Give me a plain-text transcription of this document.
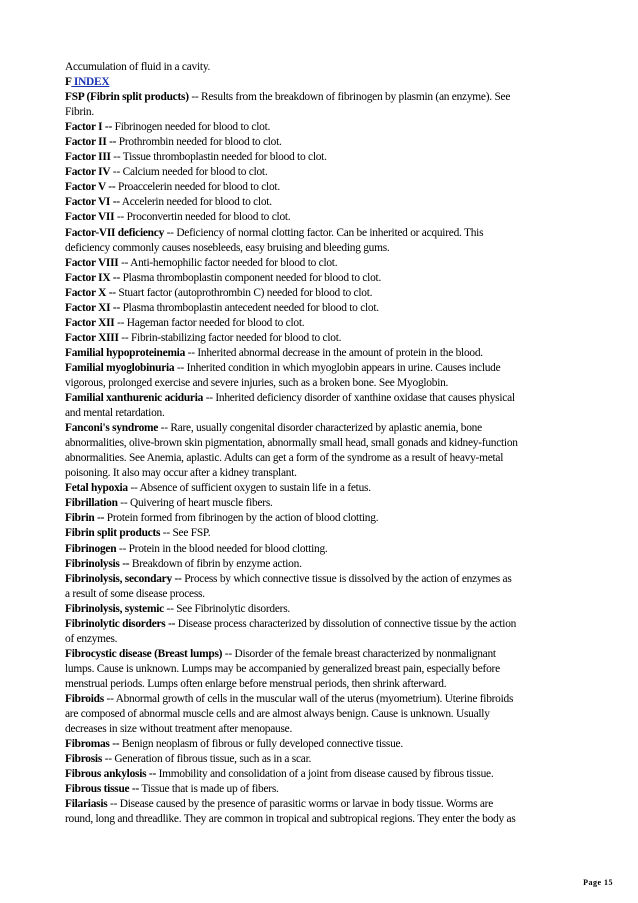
Accumulation of fluid in a cavity.
F INDEX
FSP (Fibrin split products) -- Results from the breakdown of fibrinogen by plasmin (an enzyme). See
Fibrin.
Factor I -- Fibrinogen needed for blood to clot.
Factor II -- Prothrombin needed for blood to clot.
Factor III -- Tissue thromboplastin needed for blood to clot.
Factor IV -- Calcium needed for blood to clot.
Factor V -- Proaccelerin needed for blood to clot.
Factor VI -- Accelerin needed for blood to clot.
Factor VII -- Proconvertin needed for blood to clot.
Factor-VII deficiency -- Deficiency of normal clotting factor. Can be inherited or acquired. This
deficiency commonly causes nosebleeds, easy bruising and bleeding gums.
Factor VIII -- Anti-hemophilic factor needed for blood to clot.
Factor IX -- Plasma thromboplastin component needed for blood to clot.
Factor X -- Stuart factor (autoprothrombin C) needed for blood to clot.
Factor XI -- Plasma thromboplastin antecedent needed for blood to clot.
Factor XII -- Hageman factor needed for blood to clot.
Factor XIII -- Fibrin-stabilizing factor needed for blood to clot.
Familial hypoproteinemia -- Inherited abnormal decrease in the amount of protein in the blood.
Familial myoglobinuria -- Inherited condition in which myoglobin appears in urine. Causes include
vigorous, prolonged exercise and severe injuries, such as a broken bone. See Myoglobin.
Familial xanthurenic aciduria -- Inherited deficiency disorder of xanthine oxidase that causes physical
and mental retardation.
Fanconi's syndrome -- Rare, usually congenital disorder characterized by aplastic anemia, bone
abnormalities, olive-brown skin pigmentation, abnormally small head, small gonads and kidney-function
abnormalities. See Anemia, aplastic. Adults can get a form of the syndrome as a result of heavy-metal
poisoning. It also may occur after a kidney transplant.
Fetal hypoxia -- Absence of sufficient oxygen to sustain life in a fetus.
Fibrillation -- Quivering of heart muscle fibers.
Fibrin -- Protein formed from fibrinogen by the action of blood clotting.
Fibrin split products -- See FSP.
Fibrinogen -- Protein in the blood needed for blood clotting.
Fibrinolysis -- Breakdown of fibrin by enzyme action.
Fibrinolysis, secondary -- Process by which connective tissue is dissolved by the action of enzymes as
a result of some disease process.
Fibrinolysis, systemic -- See Fibrinolytic disorders.
Fibrinolytic disorders -- Disease process characterized by dissolution of connective tissue by the action
of enzymes.
Fibrocystic disease (Breast lumps) -- Disorder of the female breast characterized by nonmalignant
lumps. Cause is unknown. Lumps may be accompanied by generalized breast pain, especially before
menstrual periods. Lumps often enlarge before menstrual periods, then shrink afterward.
Fibroids -- Abnormal growth of cells in the muscular wall of the uterus (myometrium). Uterine fibroids
are composed of abnormal muscle cells and are almost always benign. Cause is unknown. Usually
decreases in size without treatment after menopause.
Fibromas -- Benign neoplasm of fibrous or fully developed connective tissue.
Fibrosis -- Generation of fibrous tissue, such as in a scar.
Fibrous ankylosis -- Immobility and consolidation of a joint from disease caused by fibrous tissue.
Fibrous tissue -- Tissue that is made up of fibers.
Filariasis -- Disease caused by the presence of parasitic worms or larvae in body tissue. Worms are
round, long and threadlike. They are common in tropical and subtropical regions. They enter the body as
Page 15
